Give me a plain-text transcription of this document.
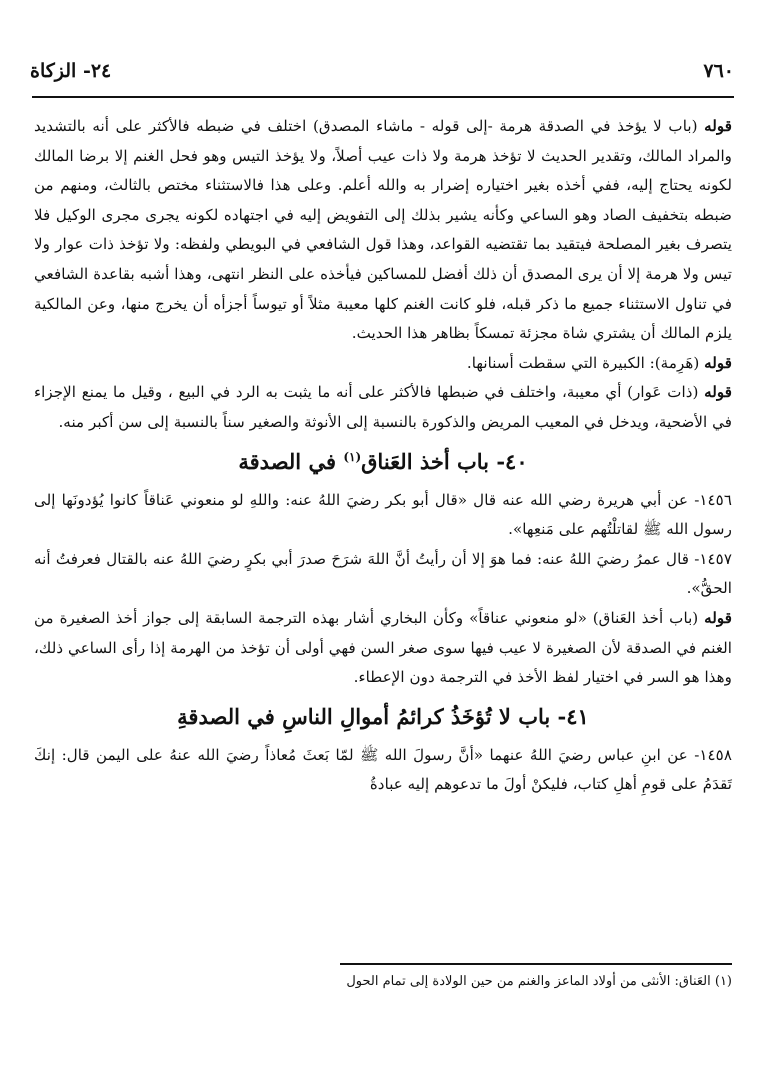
٧٦٠
٢٤- الزكاة

قوله (باب لا يؤخذ في الصدقة هرمة -إلى قوله - ماشاء المصدق) اختلف في ضبطه فالأكثر على أنه بالتشديد والمراد المالك، وتقدير الحديث لا تؤخذ هرمة ولا ذات عيب أصلاً، ولا يؤخذ التيس وهو فحل الغنم إلا برضا المالك لكونه يحتاج إليه، ففي أخذه بغير اختياره إضرار به والله أعلم. وعلى هذا فالاستثناء مختص بالثالث، ومنهم من ضبطه بتخفيف الصاد وهو الساعي وكأنه يشير بذلك إلى التفويض إليه في اجتهاده لكونه يجرى مجرى الوكيل فلا يتصرف بغير المصلحة فيتقيد بما تقتضيه القواعد، وهذا قول الشافعي في البويطي ولفظه: ولا تؤخذ ذات عوار ولا تيس ولا هرمة إلا أن يرى المصدق أن ذلك أفضل للمساكين فيأخذه على النظر انتهى، وهذا أشبه بقاعدة الشافعي في تناول الاستثناء جميع ما ذكر قبله، فلو كانت الغنم كلها معيبة مثلاً أو تيوساً أجزأه أن يخرج منها، وعن المالكية يلزم المالك أن يشتري شاة مجزئة تمسكاً بظاهر هذا الحديث.

قوله (هَرِمة): الكبيرة التي سقطت أسنانها.

قوله (ذات عَوار) أي معيبة، واختلف في ضبطها فالأكثر على أنه ما يثبت به الرد في البيع ، وقيل ما يمنع الإجزاء في الأضحية، ويدخل في المعيب المريض والذكورة بالنسبة إلى الأنوثة والصغير سناً بالنسبة إلى سن أكبر منه.

٤٠- باب أخذ العَناق$^{(١)}$ في الصدقة

١٤٥٦- عن أبي هريرة رضي الله عنه قال «قال أبو بكر رضيَ اللهُ عنه: واللهِ لو منعوني عَناقاً كانوا يُؤدونَها إلى رسول الله ﷺ لقاتلْتُهم على مَنعِها».

١٤٥٧- قال عمرُ رضيَ اللهُ عنه: فما هوَ إلا أن رأيتُ أنَّ اللهَ شرَحَ صدرَ أبي بكرٍ رضيَ اللهُ عنه بالقتال فعرفتُ أنه الحقُّ».

قوله (باب أخذ العَناق) «لو منعوني عناقاً» وكأن البخاري أشار بهذه الترجمة السابقة إلى جواز أخذ الصغيرة من الغنم في الصدقة لأن الصغيرة لا عيب فيها سوى صغر السن فهي أولى أن تؤخذ من الهرمة إذا رأى الساعي ذلك، وهذا هو السر في اختيار لفظ الأخذ في الترجمة دون الإعطاء.

٤١- باب لا تُؤخَذُ كرائمُ أموالِ الناسِ في الصدقةِ

١٤٥٨- عن ابنِ عباس رضيَ اللهُ عنهما «أنَّ رسولَ الله ﷺ لمّا بَعثَ مُعاذاً رضيَ الله عنهُ على اليمن قال: إنكَ تَقدَمُ على قومِ أهلِ كتاب، فليكنْ أولَ ما تدعوهم إليه عبادةُ

(١) العَناق: الأنثى من أولاد الماعز والغنم من حين الولادة إلى تمام الحول
